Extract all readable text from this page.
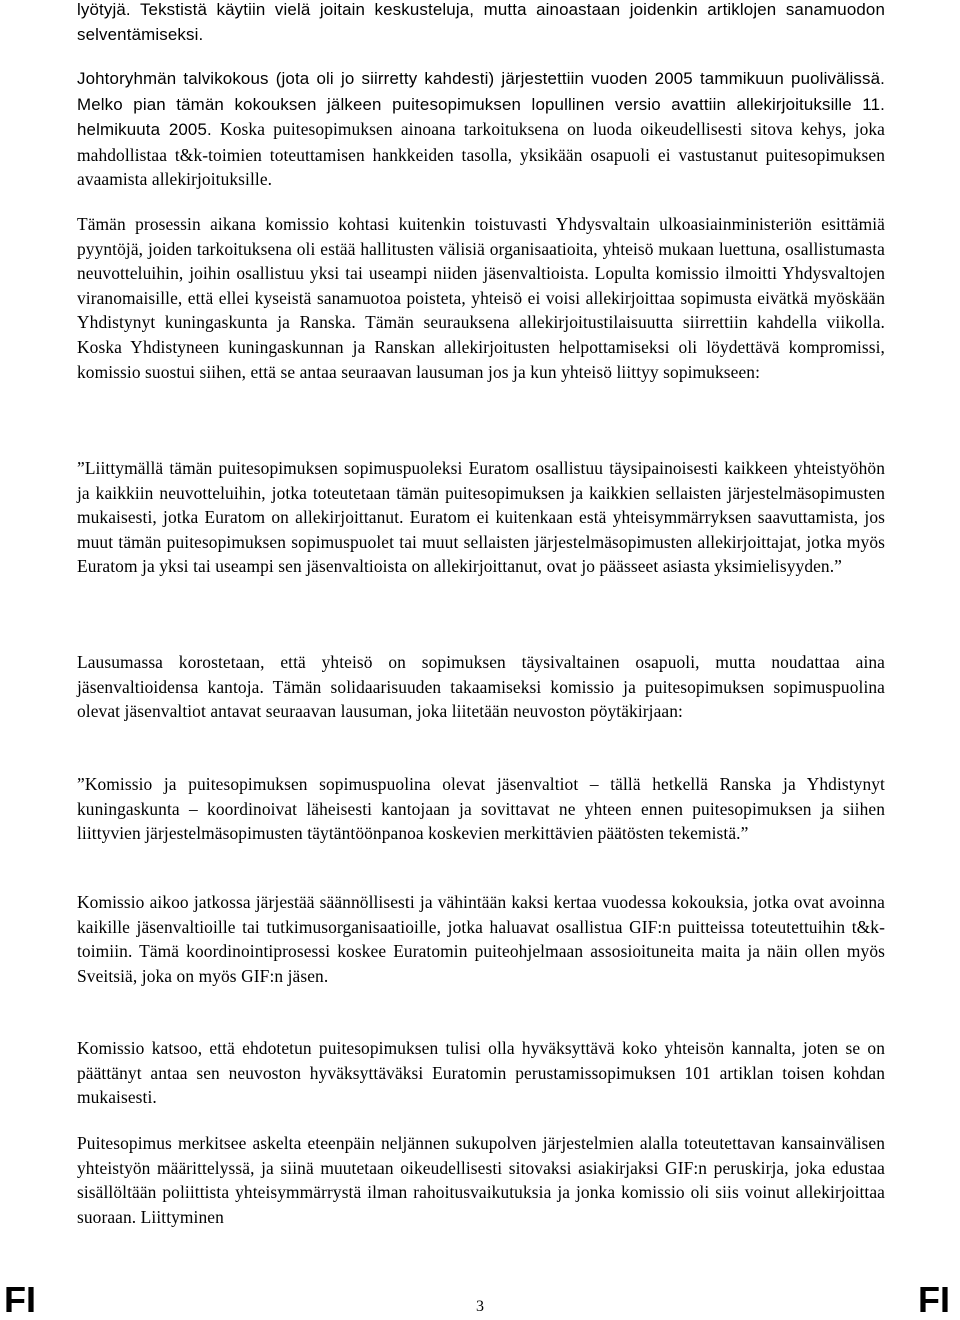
lyötyjä. Tekstistä käytiin vielä joitain keskusteluja, mutta ainoastaan joidenkin artiklojen sanamuodon selventämiseksi.

Johtoryhmän talvikokous (jota oli jo siirretty kahdesti) järjestettiin vuoden 2005 tammikuun puolivälissä. Melko pian tämän kokouksen jälkeen puitesopimuksen lopullinen versio avattiin allekirjoituksille 11. helmikuuta 2005. Koska puitesopimuksen ainoana tarkoituksena on luoda oikeudellisesti sitova kehys, joka mahdollistaa t&k-toimien toteuttamisen hankkeiden tasolla, yksikään osapuoli ei vastustanut puitesopimuksen avaamista allekirjoituksille.

Tämän prosessin aikana komissio kohtasi kuitenkin toistuvasti Yhdysvaltain ulkoasiainministeriön esittämiä pyyntöjä, joiden tarkoituksena oli estää hallitusten välisiä organisaatioita, yhteisö mukaan luettuna, osallistumasta neuvotteluihin, joihin osallistuu yksi tai useampi niiden jäsenvaltioista. Lopulta komissio ilmoitti Yhdysvaltojen viranomaisille, että ellei kyseistä sanamuotoa poisteta, yhteisö ei voisi allekirjoittaa sopimusta eivätkä myöskään Yhdistynyt kuningaskunta ja Ranska. Tämän seurauksena allekirjoitustilaisuutta siirrettiin kahdella viikolla. Koska Yhdistyneen kuningaskunnan ja Ranskan allekirjoitusten helpottamiseksi oli löydettävä kompromissi, komissio suostui siihen, että se antaa seuraavan lausuman jos ja kun yhteisö liittyy sopimukseen:

”Liittymällä tämän puitesopimuksen sopimuspuoleksi Euratom osallistuu täysipainoisesti kaikkeen yhteistyöhön ja kaikkiin neuvotteluihin, jotka toteutetaan tämän puitesopimuksen ja kaikkien sellaisten järjestelmäsopimusten mukaisesti, jotka Euratom on allekirjoittanut. Euratom ei kuitenkaan estä yhteisymmärryksen saavuttamista, jos muut tämän puitesopimuksen sopimuspuolet tai muut sellaisten järjestelmäsopimusten allekirjoittajat, jotka myös Euratom ja yksi tai useampi sen jäsenvaltioista on allekirjoittanut, ovat jo päässeet asiasta yksimielisyyden.”

Lausumassa korostetaan, että yhteisö on sopimuksen täysivaltainen osapuoli, mutta noudattaa aina jäsenvaltioidensa kantoja. Tämän solidaarisuuden takaamiseksi komissio ja puitesopimuksen sopimuspuolina olevat jäsenvaltiot antavat seuraavan lausuman, joka liitetään neuvoston pöytäkirjaan:

”Komissio ja puitesopimuksen sopimuspuolina olevat jäsenvaltiot – tällä hetkellä Ranska ja Yhdistynyt kuningaskunta – koordinoivat läheisesti kantojaan ja sovittavat ne yhteen ennen puitesopimuksen ja siihen liittyvien järjestelmäsopimusten täytäntöönpanoa koskevien merkittävien päätösten tekemistä.”

Komissio aikoo jatkossa järjestää säännöllisesti ja vähintään kaksi kertaa vuodessa kokouksia, jotka ovat avoinna kaikille jäsenvaltioille tai tutkimusorganisaatioille, jotka haluavat osallistua GIF:n puitteissa toteutettuihin t&k-toimiin. Tämä koordinointiprosessi koskee Euratomin puiteohjelmaan assosioituneita maita ja näin ollen myös Sveitsiä, joka on myös GIF:n jäsen.

Komissio katsoo, että ehdotetun puitesopimuksen tulisi olla hyväksyttävä koko yhteisön kannalta, joten se on päättänyt antaa sen neuvoston hyväksyttäväksi Euratomin perustamissopimuksen 101 artiklan toisen kohdan mukaisesti.

Puitesopimus merkitsee askelta eteenpäin neljännen sukupolven järjestelmien alalla toteutettavan kansainvälisen yhteistyön määrittelyssä, ja siinä muutetaan oikeudellisesti sitovaksi asiakirjaksi GIF:n peruskirja, joka edustaa sisällöltään poliittista yhteisymmärrystä ilman rahoitusvaikutuksia ja jonka komissio oli siis voinut allekirjoittaa suoraan. Liittyminen

FI	3	FI
